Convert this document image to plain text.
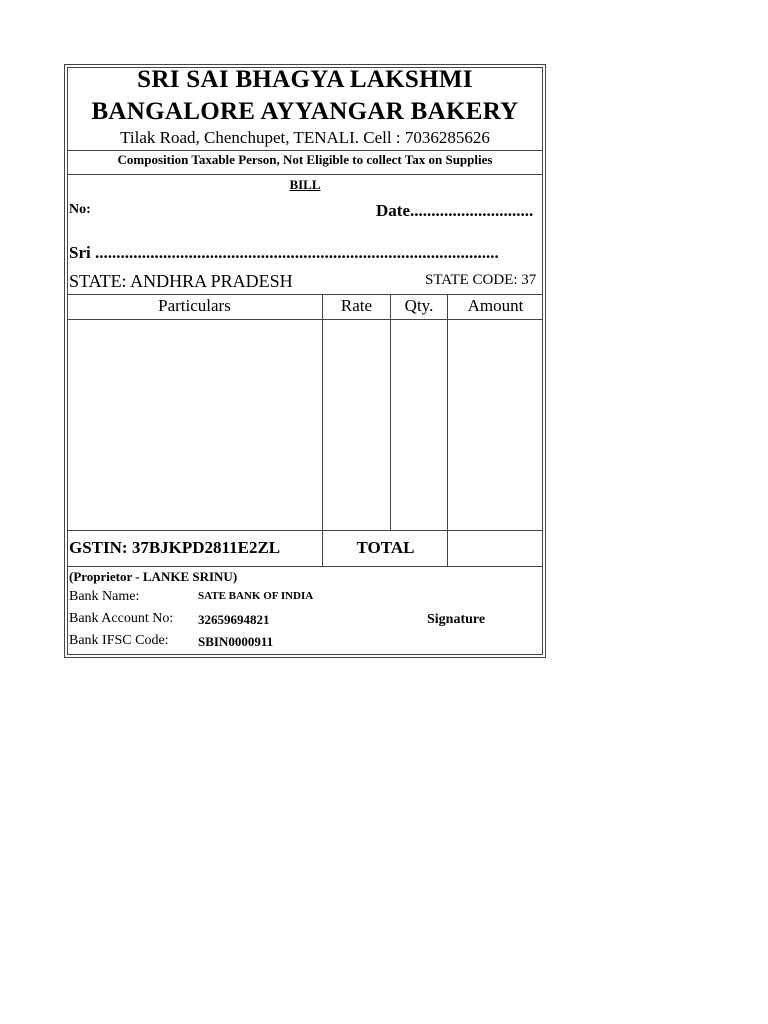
SRI SAI BHAGYA LAKSHMI
BANGALORE AYYANGAR BAKERY
Tilak Road, Chenchupet, TENALI. Cell : 7036285626
Composition Taxable Person, Not Eligible to collect Tax on Supplies
BILL
No:	Date.............................
Sri ...............................................................................................
STATE: ANDHRA PRADESH	STATE CODE: 37
Particulars	Rate	Qty.	Amount
GSTIN: 37BJKPD2811E2ZL	TOTAL
(Proprietor - LANKE SRINU)
Bank Name:	SATE BANK OF INDIA
Bank Account No: 32659694821
Bank IFSC Code: SBIN0000911
Signature
